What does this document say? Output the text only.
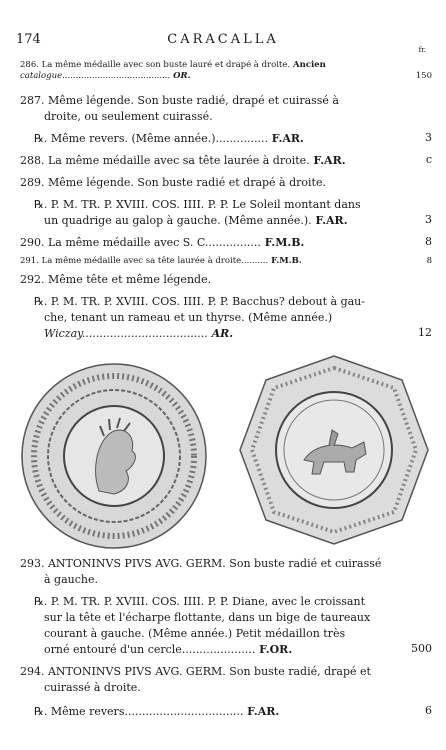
174	CARACALLA
fr.
286. La même médaille avec son buste lauré et drapé à droite. Ancien
catalogue........................................ OR.	150
287. Même légende. Son buste radié, drapé et cuirassé à
droite, ou seulement cuirassé.
℞. Même revers. (Même année.)............... F.AR.	3
288. La même médaille avec sa tête laurée à droite. F.AR.	c
289. Même légende. Son buste radié et drapé à droite.
℞. P. M. TR. P. XVIII. COS. IIII. P. P. Le Soleil montant dans
un quadrige au galop à gauche. (Même année.). F.AR.	3
290. La même médaille avec S. C................ F.M.B.	8
291. La même médaille avec sa tête laurée à droite.......... F.M.B.	8
292. Même tête et même légende.
℞. P. M. TR. P. XVIII. COS. IIII. P. P. Bacchus? debout à gau-
che, tenant un rameau et un thyrse. (Même année.)
Wiczay.................................... AR.	12
293. ANTONINVS PIVS AVG. GERM. Son buste radié et cuirassé
à gauche.
℞. P. M. TR. P. XVIII. COS. IIII. P. P. Diane, avec le croissant
sur la tête et l'écharpe flottante, dans un bige de taureaux
courant à gauche. (Même année.) Petit médaillon très
orné entouré d'un cercle..................... F.OR.	500
294. ANTONINVS PIVS AVG. GERM. Son buste radié, drapé et
cuirassé à droite.
℞. Même revers.................................. F.AR.	6
